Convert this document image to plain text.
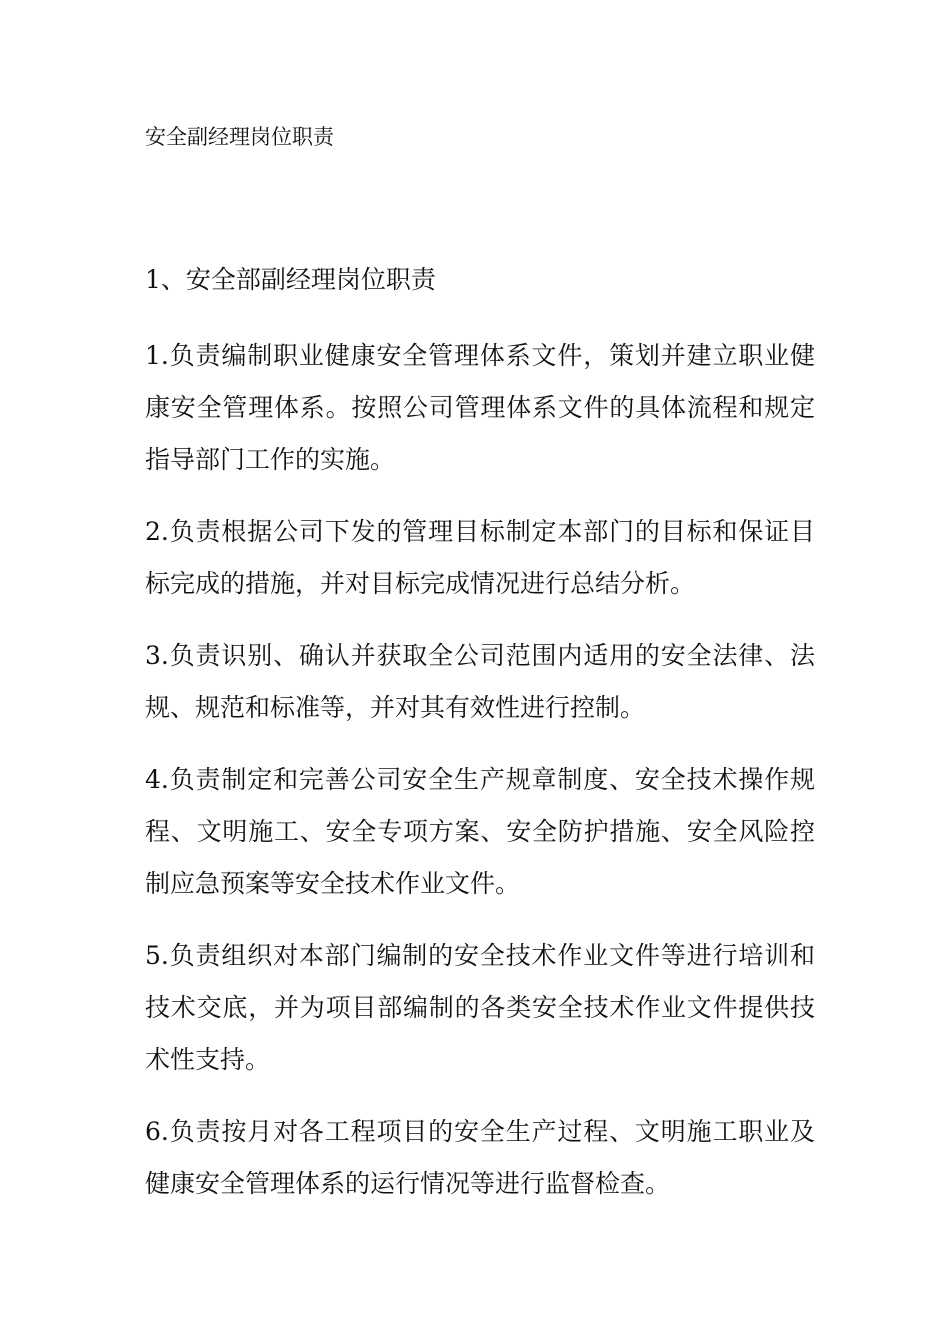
安全副经理岗位职责
1、安全部副经理岗位职责

1.负责编制职业健康安全管理体系文件，策划并建立职业健康安全管理体系。按照公司管理体系文件的具体流程和规定指导部门工作的实施。

2.负责根据公司下发的管理目标制定本部门的目标和保证目标完成的措施，并对目标完成情况进行总结分析。

3.负责识别、确认并获取全公司范围内适用的安全法律、法规、规范和标准等，并对其有效性进行控制。

4.负责制定和完善公司安全生产规章制度、安全技术操作规程、文明施工、安全专项方案、安全防护措施、安全风险控制应急预案等安全技术作业文件。

5.负责组织对本部门编制的安全技术作业文件等进行培训和技术交底，并为项目部编制的各类安全技术作业文件提供技术性支持。

6.负责按月对各工程项目的安全生产过程、文明施工职业及健康安全管理体系的运行情况等进行监督检查。
